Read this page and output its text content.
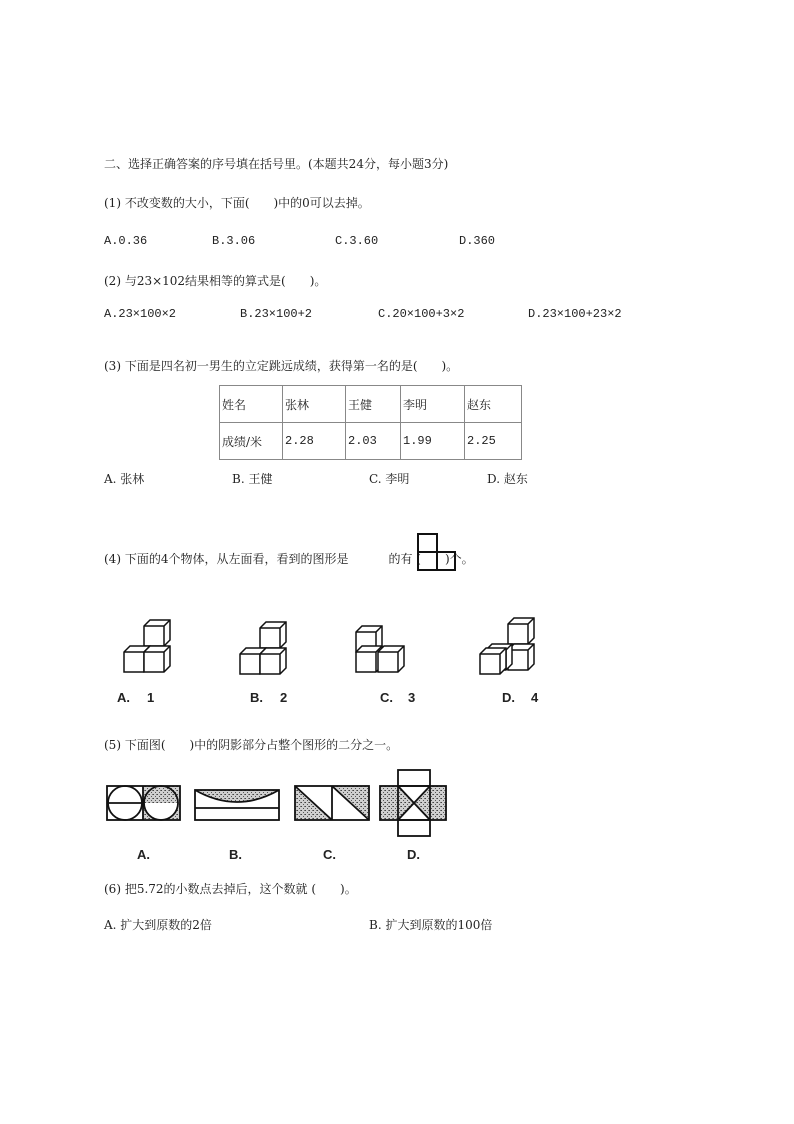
二、选择正确答案的序号填在括号里。(本题共24分，每小题3分)
(1) 不改变数的大小，下面(　　)中的0可以去掉。
A.0.36	B.3.06	C.3.60	D.360
(2) 与23×102结果相等的算式是(　　)。
A.23×100×2	B.23×100+2	C.20×100+3×2	D.23×100+23×2
(3) 下面是四名初一男生的立定跳远成绩，获得第一名的是(　　)。
姓名	张林	王健	李明	赵东
成绩/米	2.28	2.03	1.99	2.25
A. 张林	B. 王健	C. 李明	D. 赵东
(4) 下面的4个物体，从左面看，看到的图形是	的有 (　　)个。
A. 1	B. 2	C. 3	D. 4
(5) 下面图(　　)中的阴影部分占整个图形的二分之一。
A.	B.	C.	D.
(6) 把5.72的小数点去掉后，这个数就 (　　)。
A. 扩大到原数的2倍	B. 扩大到原数的100倍
